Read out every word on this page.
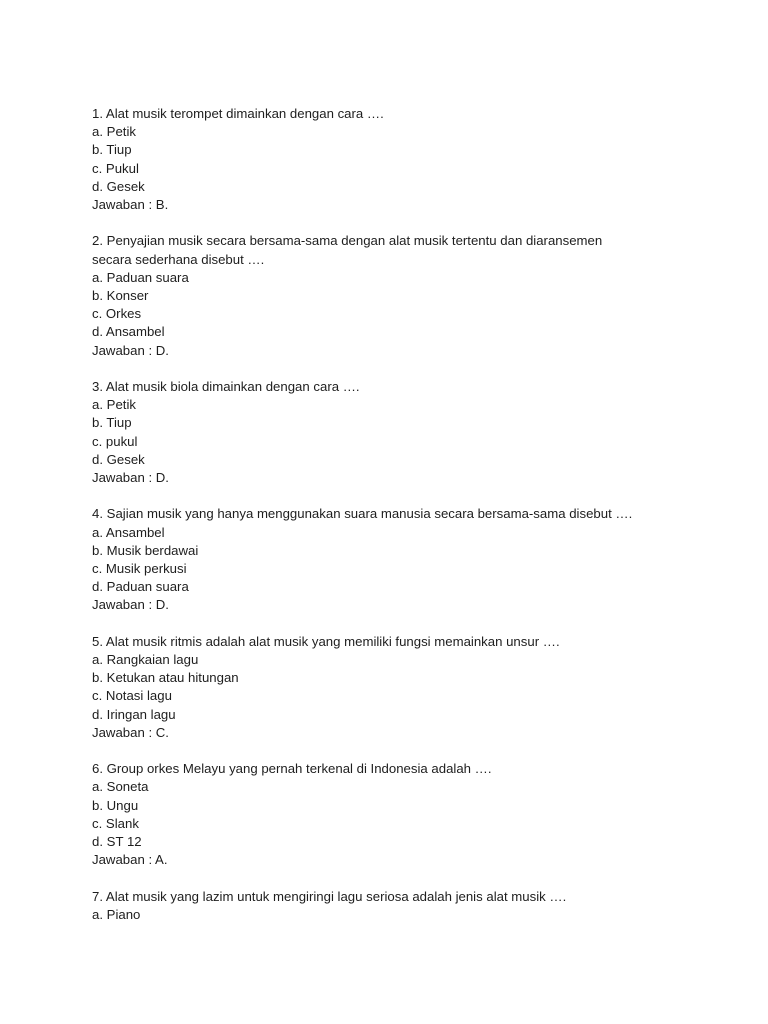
1. Alat musik terompet dimainkan dengan cara ….
a. Petik
b. Tiup
c. Pukul
d. Gesek
Jawaban : B.
2. Penyajian musik secara bersama-sama dengan alat musik tertentu dan diaransemen
secara sederhana disebut ….
a. Paduan suara
b. Konser
c. Orkes
d. Ansambel
Jawaban : D.
3. Alat musik biola dimainkan dengan cara ….
a. Petik
b. Tiup
c. pukul
d. Gesek
Jawaban : D.
4. Sajian musik yang hanya menggunakan suara manusia secara bersama-sama disebut ….
a. Ansambel
b. Musik berdawai
c. Musik perkusi
d. Paduan suara
Jawaban : D.
5. Alat musik ritmis adalah alat musik yang memiliki fungsi memainkan unsur ….
a. Rangkaian lagu
b. Ketukan atau hitungan
c. Notasi lagu
d. Iringan lagu
Jawaban : C.
6. Group orkes Melayu yang pernah terkenal di Indonesia adalah ….
a. Soneta
b. Ungu
c. Slank
d. ST 12
Jawaban : A.
7. Alat musik yang lazim untuk mengiringi lagu seriosa adalah jenis alat musik ….
a. Piano
